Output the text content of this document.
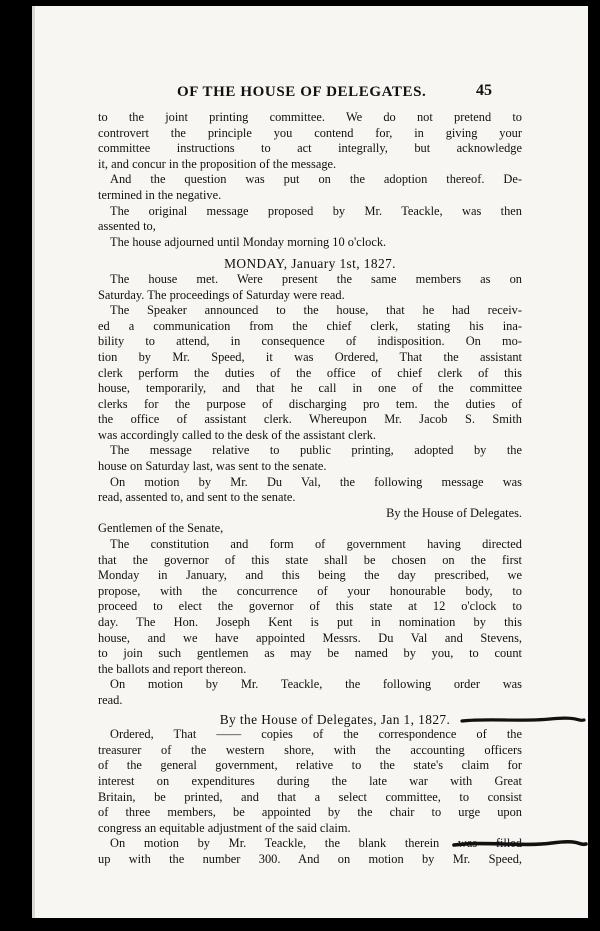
OF THE HOUSE OF DELEGATES.	45
to the joint printing committee. We do not pretend to
controvert the principle you contend for, in giving your
committee instructions to act integrally, but acknowledge
it, and concur in the proposition of the message.
And the question was put on the adoption thereof. De-
termined in the negative.
The original message proposed by Mr. Teackle, was then
assented to,
The house adjourned until Monday morning 10 o'clock.
MONDAY, January 1st, 1827.
The house met. Were present the same members as on
Saturday. The proceedings of Saturday were read.
The Speaker announced to the house, that he had receiv-
ed a communication from the chief clerk, stating his ina-
bility to attend, in consequence of indisposition. On mo-
tion by Mr. Speed, it was Ordered, That the assistant
clerk perform the duties of the office of chief clerk of this
house, temporarily, and that he call in one of the committee
clerks for the purpose of discharging pro tem. the duties of
the office of assistant clerk. Whereupon Mr. Jacob S. Smith
was accordingly called to the desk of the assistant clerk.
The message relative to public printing, adopted by the
house on Saturday last, was sent to the senate.
On motion by Mr. Du Val, the following message was
read, assented to, and sent to the senate.
By the House of Delegates.
Gentlemen of the Senate,
The constitution and form of government having directed
that the governor of this state shall be chosen on the first
Monday in January, and this being the day prescribed, we
propose, with the concurrence of your honourable body, to
proceed to elect the governor of this state at 12 o'clock to
day. The Hon. Joseph Kent is put in nomination by this
house, and we have appointed Messrs. Du Val and Stevens,
to join such gentlemen as may be named by you, to count
the ballots and report thereon.
On motion by Mr. Teackle, the following order was
read.
By the House of Delegates, Jan 1, 1827.
Ordered, That —— copies of the correspondence of the
treasurer of the western shore, with the accounting officers
of the general government, relative to the state's claim for
interest on expenditures during the late war with Great
Britain, be printed, and that a select committee, to consist
of three members, be appointed by the chair to urge upon
congress an equitable adjustment of the said claim.
On motion by Mr. Teackle, the blank therein was filled
up with the number 300. And on motion by Mr. Speed,
